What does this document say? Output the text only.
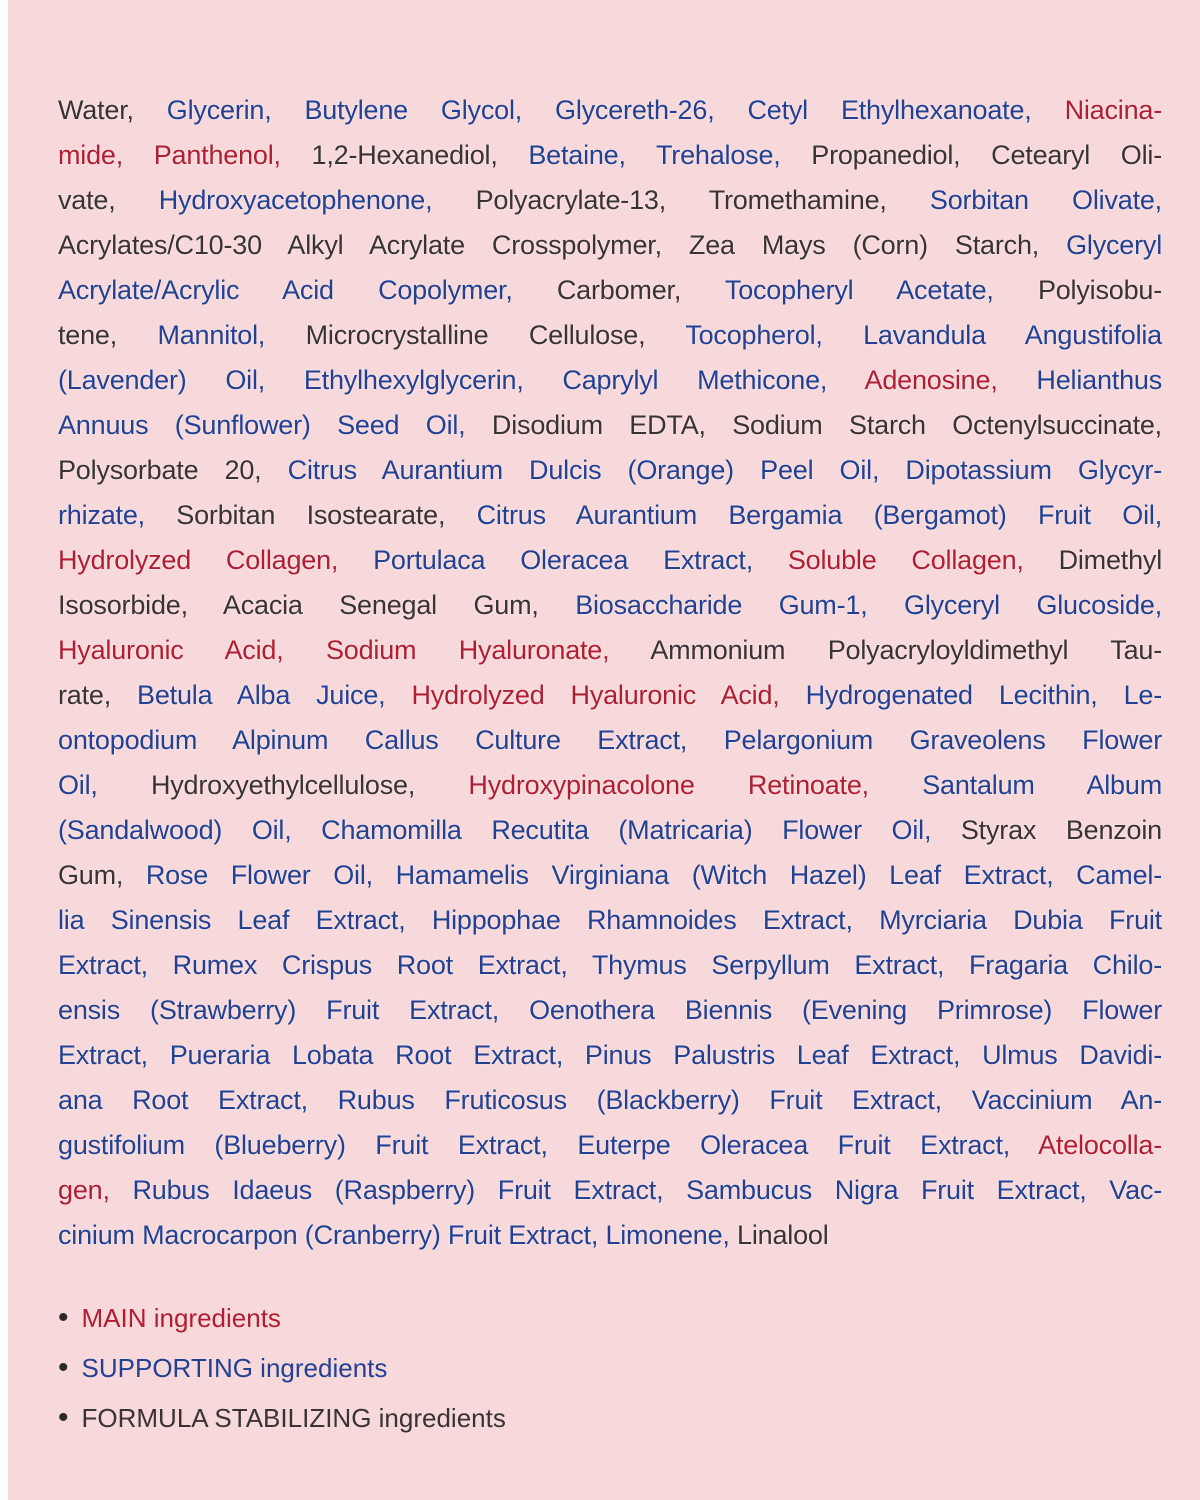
Water, Glycerin, Butylene Glycol, Glycereth-26, Cetyl Ethylhexanoate, Niacina-
mide, Panthenol, 1,2-Hexanediol, Betaine, Trehalose, Propanediol, Cetearyl Oli-
vate, Hydroxyacetophenone, Polyacrylate-13, Tromethamine, Sorbitan Olivate,
Acrylates/C10-30 Alkyl Acrylate Crosspolymer, Zea Mays (Corn) Starch, Glyceryl
Acrylate/Acrylic Acid Copolymer, Carbomer, Tocopheryl Acetate, Polyisobu-
tene, Mannitol, Microcrystalline Cellulose, Tocopherol, Lavandula Angustifolia
(Lavender) Oil, Ethylhexylglycerin, Caprylyl Methicone, Adenosine, Helianthus
Annuus (Sunflower) Seed Oil, Disodium EDTA, Sodium Starch Octenylsuccinate,
Polysorbate 20, Citrus Aurantium Dulcis (Orange) Peel Oil, Dipotassium Glycyr-
rhizate, Sorbitan Isostearate, Citrus Aurantium Bergamia (Bergamot) Fruit Oil,
Hydrolyzed Collagen, Portulaca Oleracea Extract, Soluble Collagen, Dimethyl
Isosorbide, Acacia Senegal Gum, Biosaccharide Gum-1, Glyceryl Glucoside,
Hyaluronic Acid, Sodium Hyaluronate, Ammonium Polyacryloyldimethyl Tau-
rate, Betula Alba Juice, Hydrolyzed Hyaluronic Acid, Hydrogenated Lecithin, Le-
ontopodium Alpinum Callus Culture Extract, Pelargonium Graveolens Flower
Oil, Hydroxyethylcellulose, Hydroxypinacolone Retinoate, Santalum Album
(Sandalwood) Oil, Chamomilla Recutita (Matricaria) Flower Oil, Styrax Benzoin
Gum, Rose Flower Oil, Hamamelis Virginiana (Witch Hazel) Leaf Extract, Camel-
lia Sinensis Leaf Extract, Hippophae Rhamnoides Extract, Myrciaria Dubia Fruit
Extract, Rumex Crispus Root Extract, Thymus Serpyllum Extract, Fragaria Chilo-
ensis (Strawberry) Fruit Extract, Oenothera Biennis (Evening Primrose) Flower
Extract, Pueraria Lobata Root Extract, Pinus Palustris Leaf Extract, Ulmus Davidi-
ana Root Extract, Rubus Fruticosus (Blackberry) Fruit Extract, Vaccinium An-
gustifolium (Blueberry) Fruit Extract, Euterpe Oleracea Fruit Extract, Atelocolla-
gen, Rubus Idaeus (Raspberry) Fruit Extract, Sambucus Nigra Fruit Extract, Vac-
cinium Macrocarpon (Cranberry) Fruit Extract, Limonene, Linalool
• MAIN ingredients
• SUPPORTING ingredients
• FORMULA STABILIZING ingredients
